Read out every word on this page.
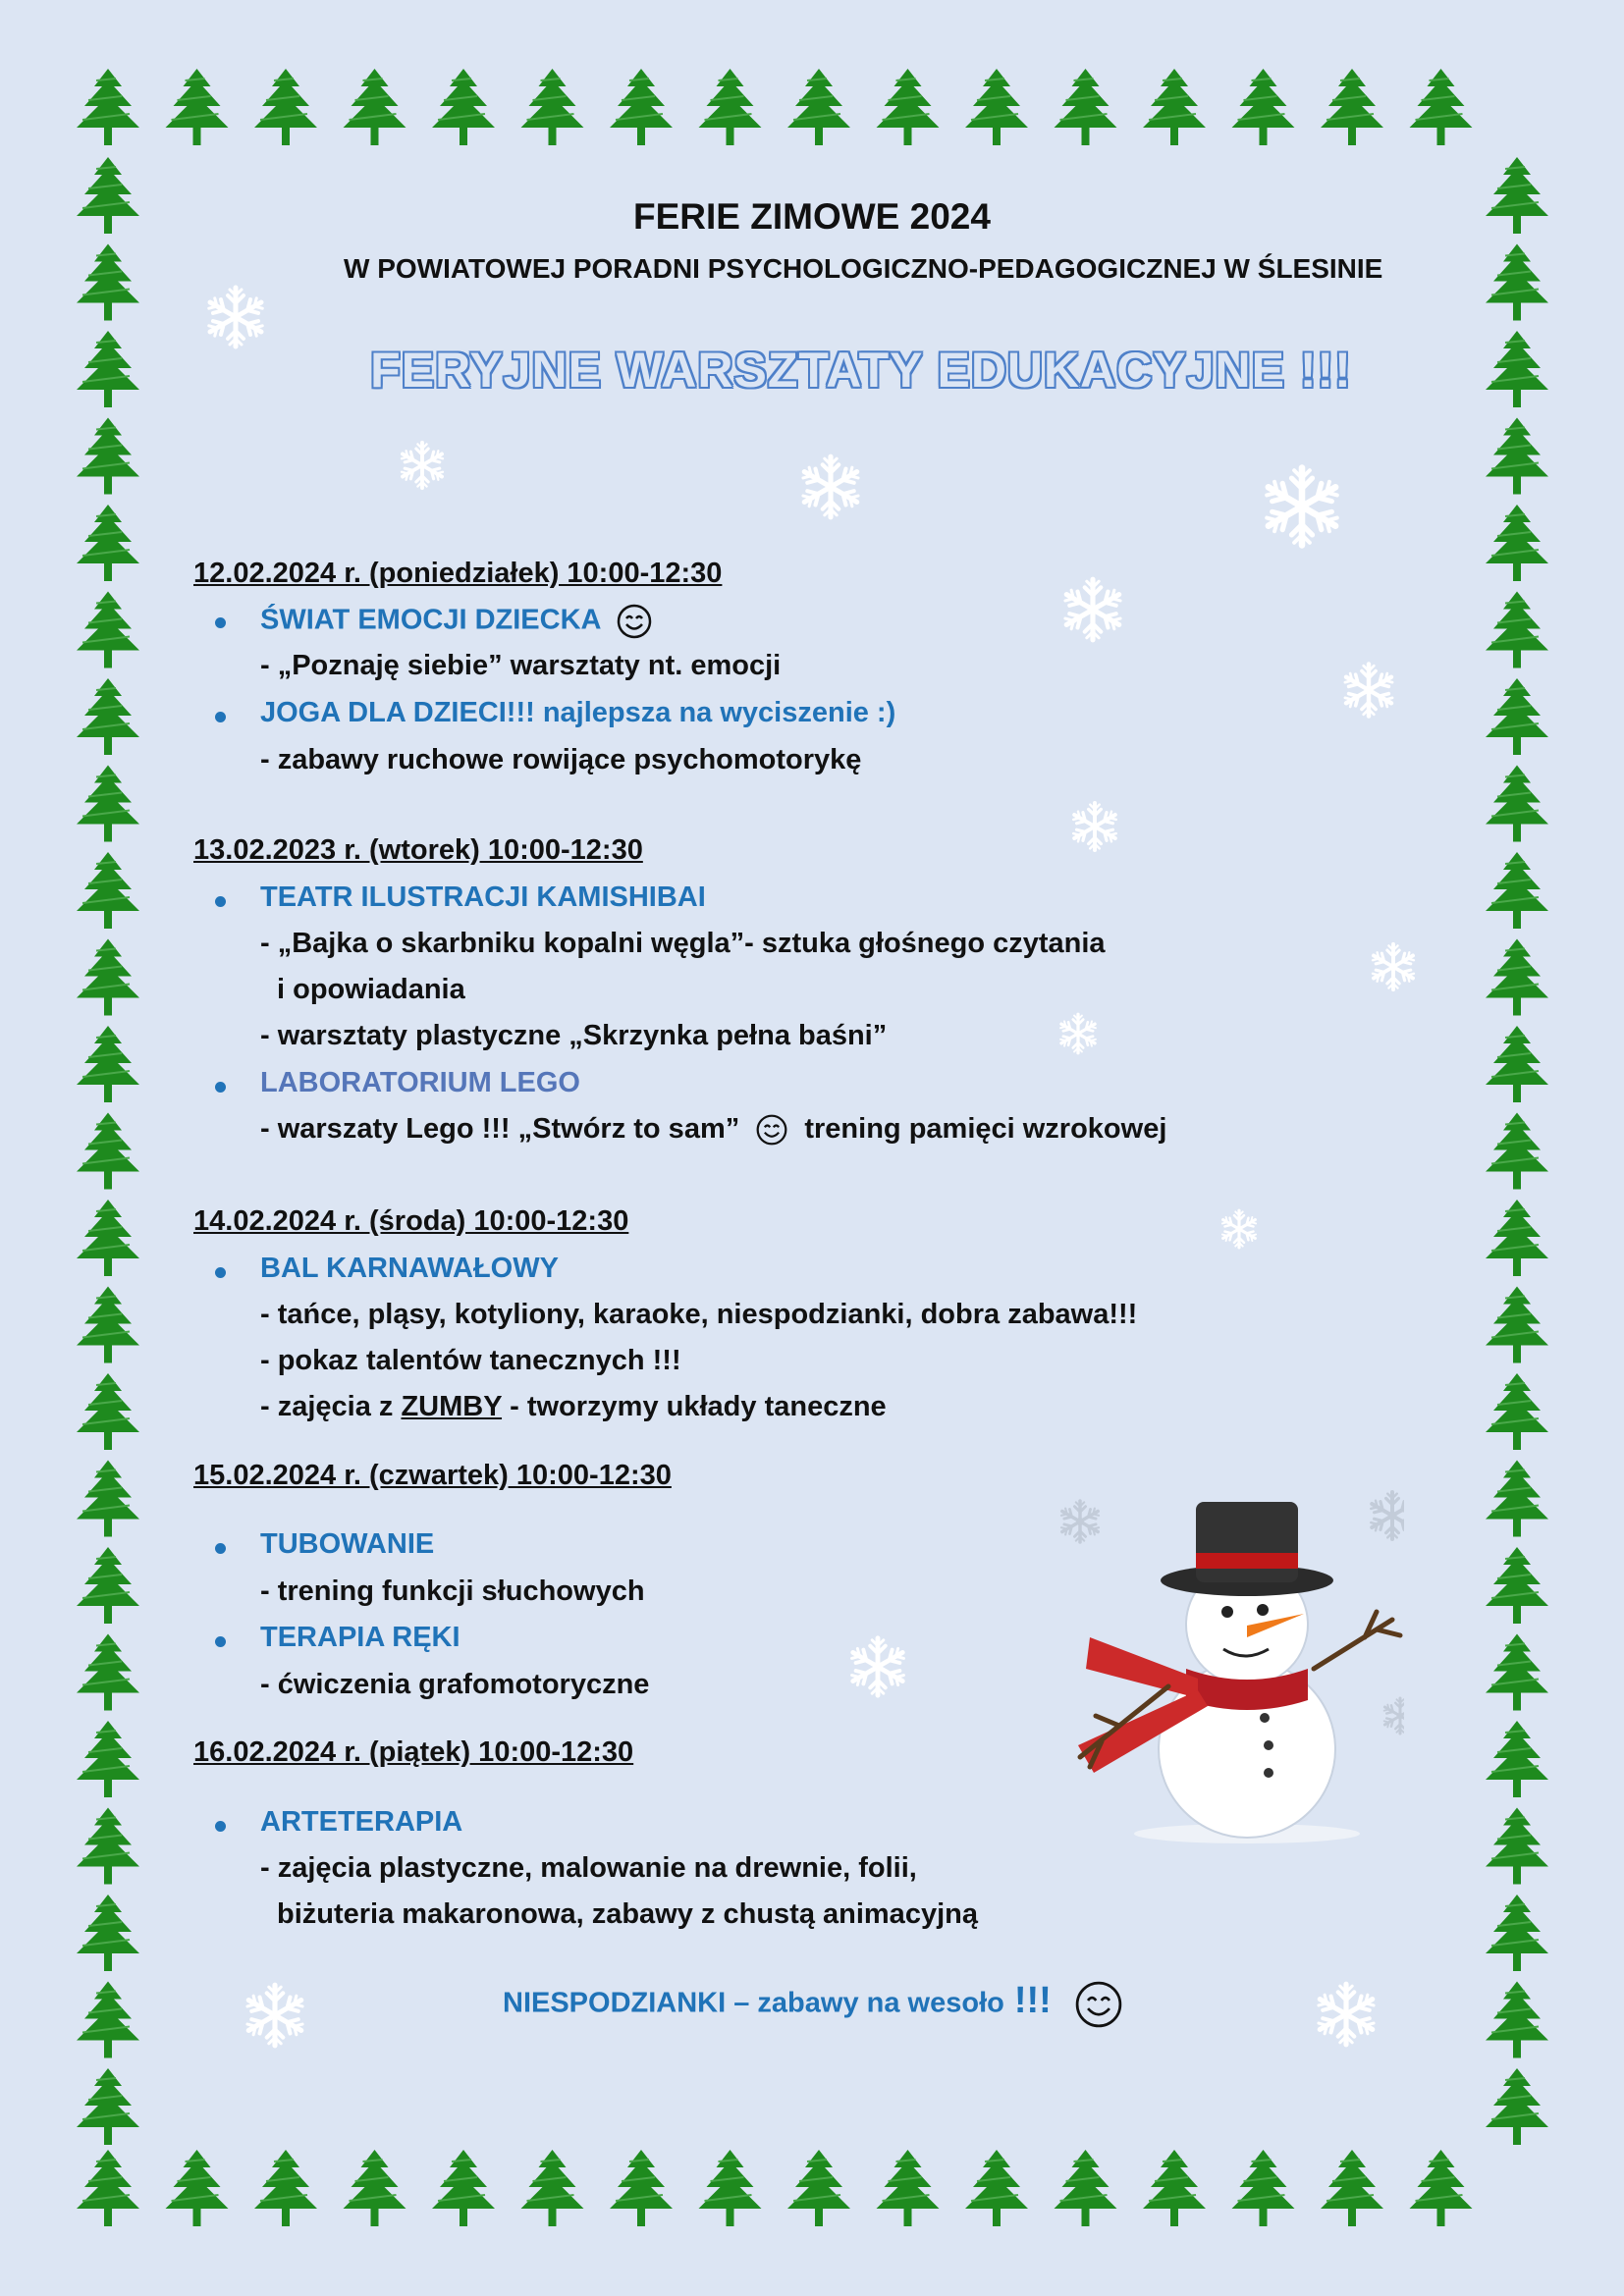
FERIE ZIMOWE 2024
W POWIATOWEJ PORADNI PSYCHOLOGICZNO-PEDAGOGICZNEJ W ŚLESINIE
FERYJNE WARSZTATY EDUKACYJNE !!!
12.02.2024 r. (poniedziałek) 10:00-12:30
ŚWIAT EMOCJI DZIECKA
- „Poznaję siebie” warsztaty nt. emocji
JOGA DLA DZIECI!!! najlepsza na wyciszenie :)
- zabawy ruchowe rowijące psychomotorykę
13.02.2023 r. (wtorek) 10:00-12:30
TEATR ILUSTRACJI KAMISHIBAI
- „Bajka o skarbniku kopalni węgla”- sztuka głośnego czytania
i opowiadania
- warsztaty plastyczne „Skrzynka pełna baśni”
LABORATORIUM LEGO
- warszaty Lego !!! „Stwórz to sam” trening pamięci wzrokowej
14.02.2024 r. (środa) 10:00-12:30
BAL KARNAWAŁOWY
- tańce, pląsy, kotyliony, karaoke, niespodzianki, dobra zabawa!!!
- pokaz talentów tanecznych !!!
- zajęcia z ZUMBY - tworzymy układy taneczne
15.02.2024 r. (czwartek) 10:00-12:30
TUBOWANIE
- trening funkcji słuchowych
TERAPIA RĘKI
- ćwiczenia grafomotoryczne
16.02.2024 r. (piątek) 10:00-12:30
ARTETERAPIA
- zajęcia plastyczne, malowanie na drewnie, folii,
biżuteria makaronowa, zabawy z chustą animacyjną
NIESPODZIANKI – zabawy na wesoło !!!
